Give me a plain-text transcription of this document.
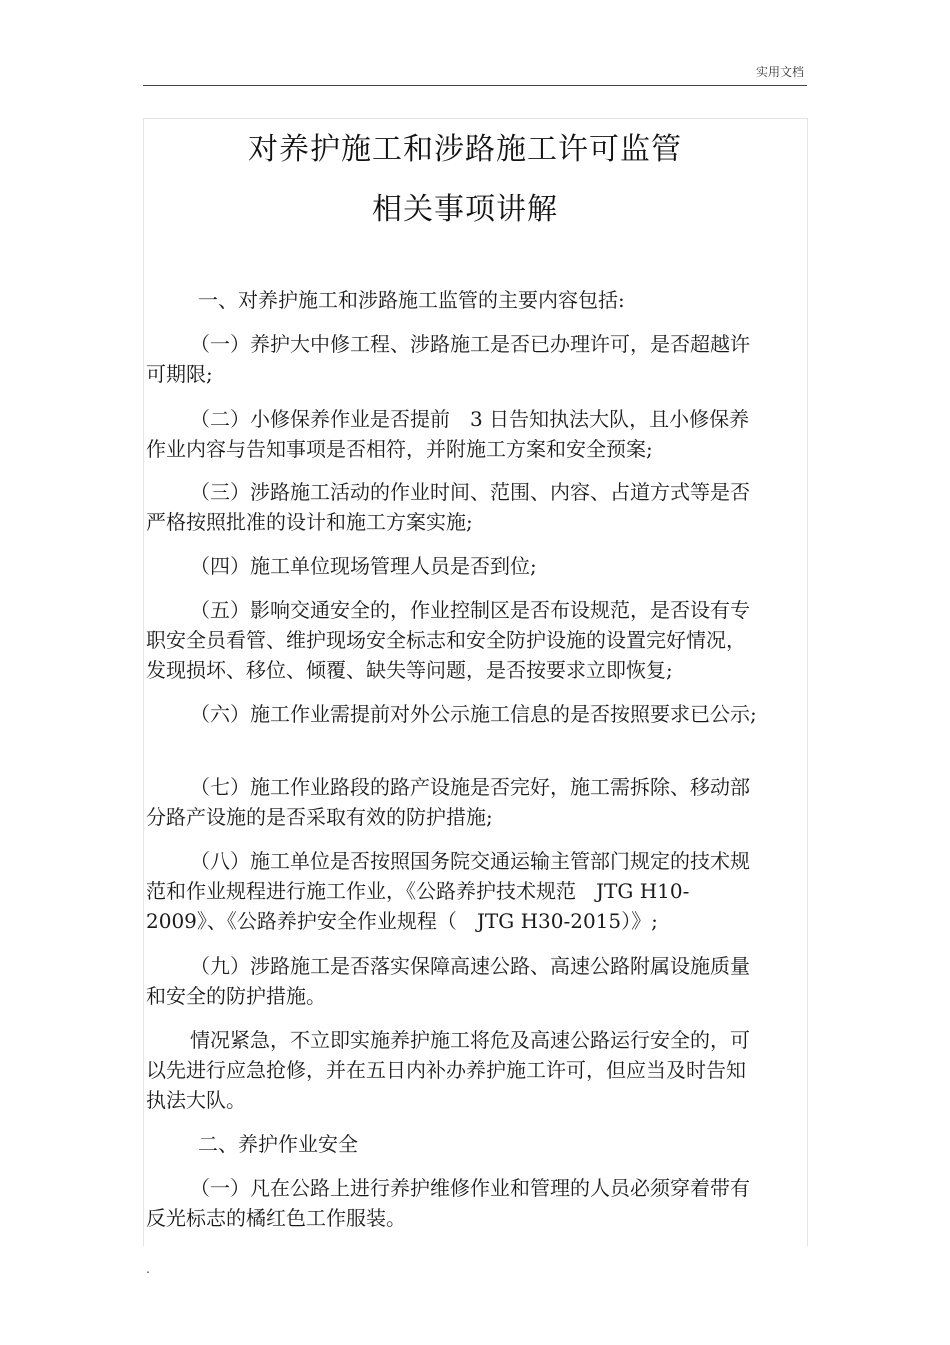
实用文档
对养护施工和涉路施工许可监管
相关事项讲解
一、对养护施工和涉路施工监管的主要内容包括:
（一）养护大中修工程、涉路施工是否已办理许可，是否超越许可期限;
（二）小修保养作业是否提前　3 日告知执法大队，且小修保养作业内容与告知事项是否相符，并附施工方案和安全预案;
（三）涉路施工活动的作业时间、范围、内容、占道方式等是否严格按照批准的设计和施工方案实施;
（四）施工单位现场管理人员是否到位;
（五）影响交通安全的，作业控制区是否布设规范，是否设有专职安全员看管、维护现场安全标志和安全防护设施的设置完好情况，发现损坏、移位、倾覆、缺失等问题，是否按要求立即恢复;
（六）施工作业需提前对外公示施工信息的是否按照要求已公示;
（七）施工作业路段的路产设施是否完好，施工需拆除、移动部分路产设施的是否采取有效的防护措施;
（八）施工单位是否按照国务院交通运输主管部门规定的技术规范和作业规程进行施工作业，《公路养护技术规范　JTG H10-2009》、《公路养护安全作业规程（　JTG H30-2015）》;
（九）涉路施工是否落实保障高速公路、高速公路附属设施质量和安全的防护措施。
情况紧急，不立即实施养护施工将危及高速公路运行安全的，可以先进行应急抢修，并在五日内补办养护施工许可，但应当及时告知执法大队。
二、养护作业安全
（一）凡在公路上进行养护维修作业和管理的人员必须穿着带有反光标志的橘红色工作服装。
.
